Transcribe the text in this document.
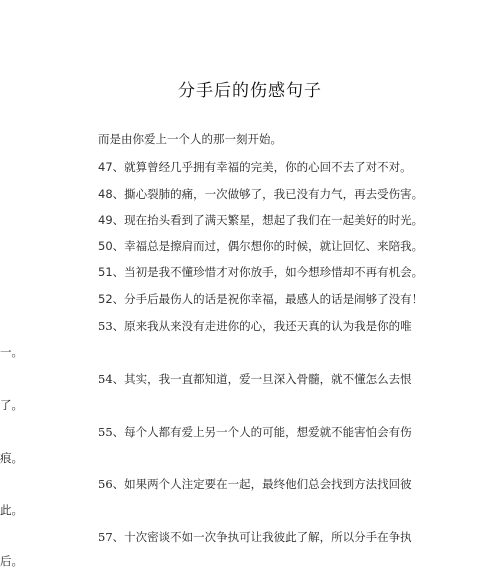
分手后的伤感句子
而是由你爱上一个人的那一刻开始。
47、就算曾经几乎拥有幸福的完美，你的心回不去了对不对。
48、撕心裂肺的痛，一次做够了，我已没有力气，再去受伤害。
49、现在抬头看到了满天繁星，想起了我们在一起美好的时光。
50、幸福总是擦肩而过，偶尔想你的时候，就让回忆、来陪我。
51、当初是我不懂珍惜才对你放手，如今想珍惜却不再有机会。
52、分手后最伤人的话是祝你幸福，最感人的话是闹够了没有！
53、原来我从来没有走进你的心，我还天真的认为我是你的唯
一。
54、其实，我一直都知道，爱一旦深入骨髓，就不懂怎么去恨
了。
55、每个人都有爱上另一个人的可能，想爱就不能害怕会有伤
痕。
56、如果两个人注定要在一起，最终他们总会找到方法找回彼
此。
57、十次密谈不如一次争执可让我彼此了解，所以分手在争执
后。
